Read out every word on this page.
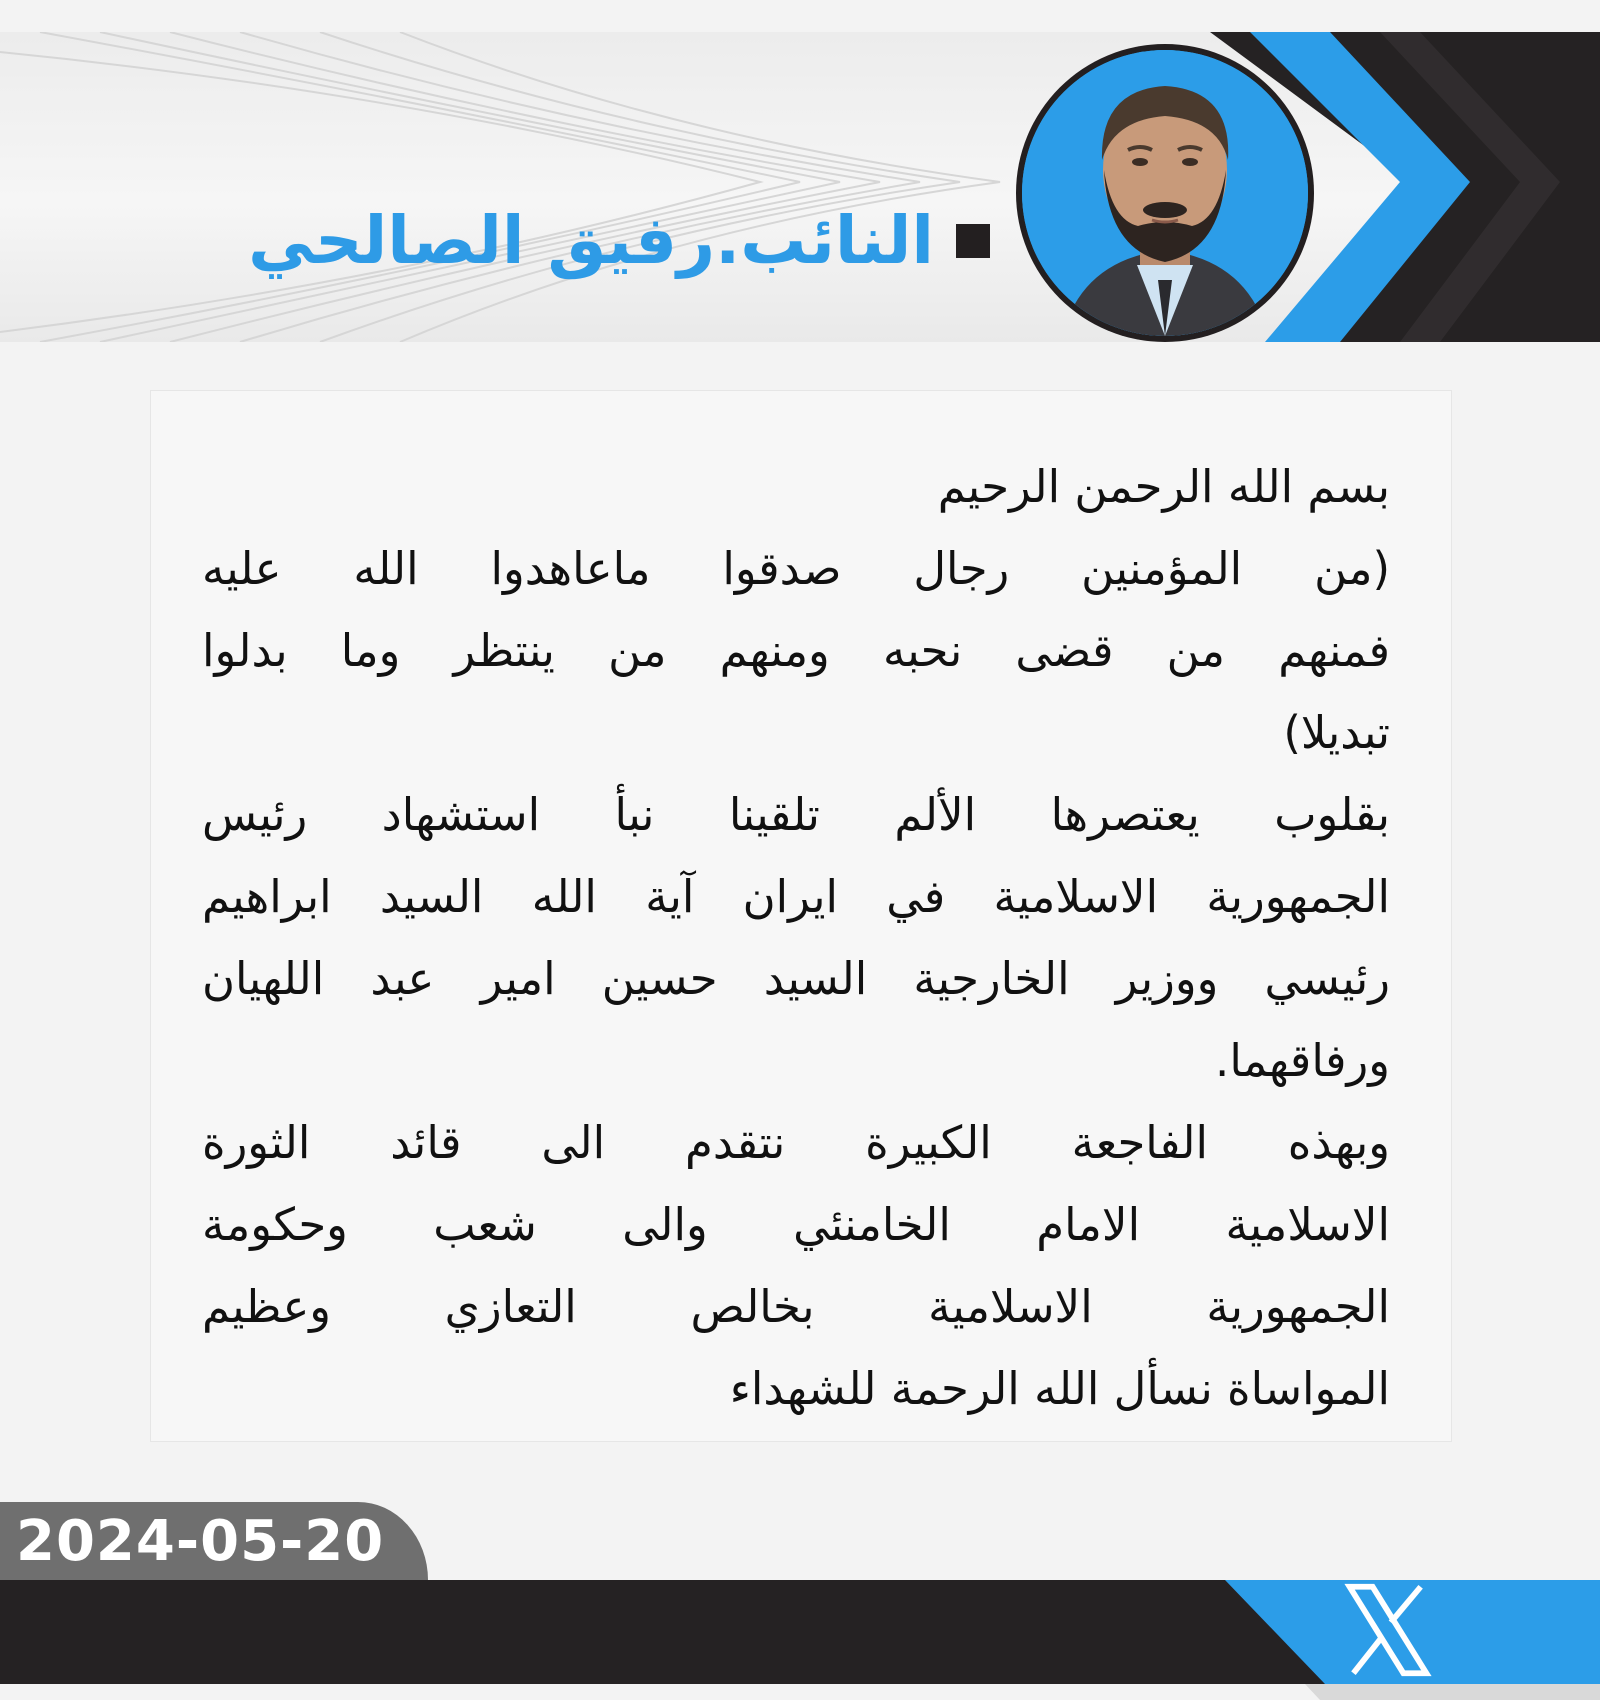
النائب.رفيق الصالحي
بسم الله الرحمن الرحيم
(من المؤمنين رجال صدقوا ماعاهدوا الله عليه
فمنهم من قضى نحبه ومنهم من ينتظر وما بدلوا
تبديلا)
بقلوب يعتصرها الألم تلقينا نبأ استشهاد رئيس
الجمهورية الاسلامية في ايران آية الله السيد ابراهيم
رئيسي ووزير الخارجية السيد حسين امير عبد اللهيان
ورفاقهما.
وبهذه الفاجعة الكبيرة نتقدم الى قائد الثورة
الاسلامية الامام الخامنئي والى شعب وحكومة
الجمهورية الاسلامية بخالص التعازي وعظيم
المواساة نسأل الله الرحمة للشهداء
2024-05-20
